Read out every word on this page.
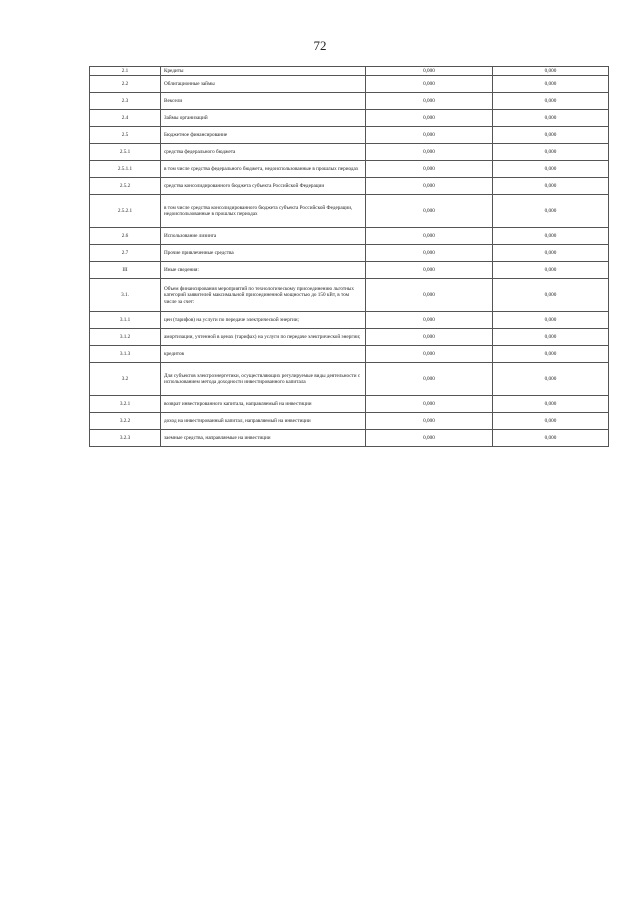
72
2.1	Кредиты	0,000	0,000
2.2	Облигационные займы	0,000	0,000
2.3	Вексели	0,000	0,000
2.4	Займы организаций	0,000	0,000
2.5	Бюджетное финансирование	0,000	0,000
2.5.1	средства федерального бюджета	0,000	0,000
2.5.1.1	в том числе средства федерального бюджета, недоиспользованные в прошлых периодах	0,000	0,000
2.5.2	средства консолидированного бюджета субъекта Российской Федерации	0,000	0,000
2.5.2.1	в том числе средства консолидированного бюджета субъекта Российской Федерации, недоиспользованные в прошлых периодах	0,000	0,000
2.6	Использование лизинга	0,000	0,000
2.7	Прочие привлеченные средства	0,000	0,000
III	Иные сведения:	0,000	0,000
3.1.	Объем финансирования мероприятий по технологическому присоединению льготных категорий заявителей максимальной присоединенной мощностью до 150 кВт, в том числе за счет:	0,000	0,000
3.1.1	цен (тарифов) на услуги по передаче электрической энергии;	0,000	0,000
3.1.2	амортизации, учтенной в ценах (тарифах) на услуги по передаче электрической энергии;	0,000	0,000
3.1.3	кредитов	0,000	0,000
3.2	Для субъектов электроэнергетики, осуществляющих регулируемые виды деятельности с использованием метода доходности инвестированного капитала	0,000	0,000
3.2.1	возврат инвестированного капитала, направляемый на инвестиции	0,000	0,000
3.2.2	доход на инвестированный капитал, направляемый на инвестиции	0,000	0,000
3.2.3	заемные средства, направляемые на инвестиции	0,000	0,000
